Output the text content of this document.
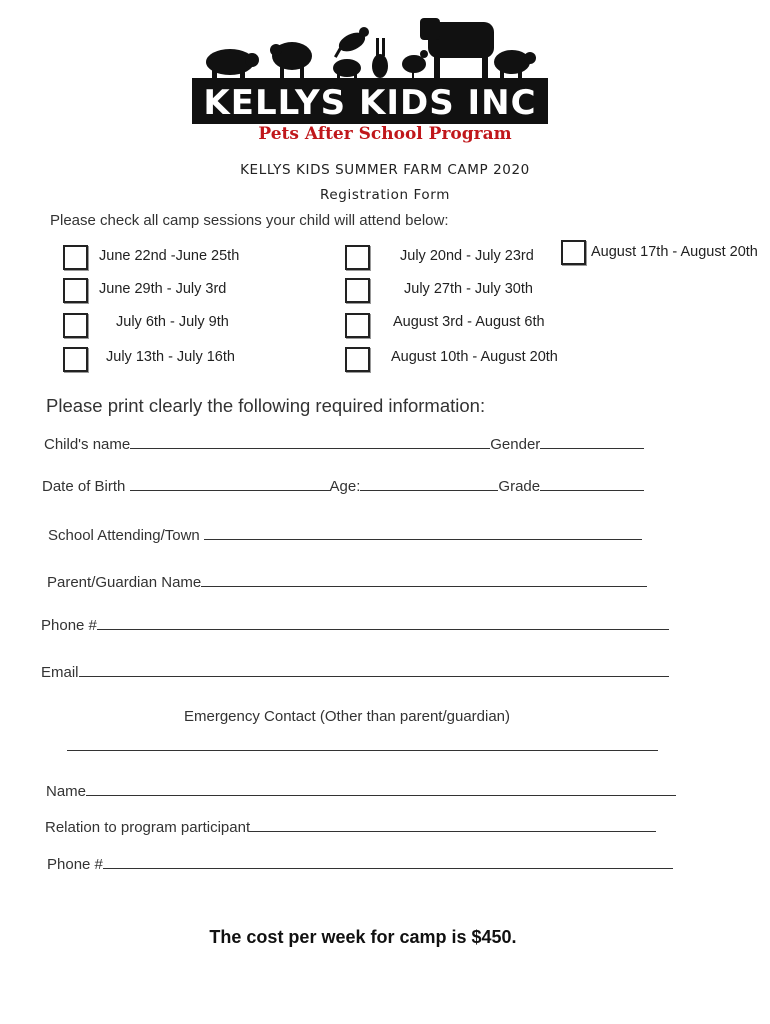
KELLYS KIDS INC
Pets After School Program
KELLYS KIDS SUMMER FARM CAMP 2020
Registration Form
Please check all camp sessions your child will attend below:
June 22nd -June 25th
June 29th - July 3rd
July 6th - July 9th
July 13th - July 16th
July 20nd - July 23rd
July 27th - July 30th
August 3rd - August 6th
August 10th - August 20th
August 17th - August 20th
Please print clearly the following required information:
Child's name	Gender
Date of Birth	Age:	Grade
School Attending/Town
Parent/Guardian Name
Phone #
Email
Emergency Contact (Other than parent/guardian)
Name
Relation to program participant
Phone #
The cost per week for camp is $450.
